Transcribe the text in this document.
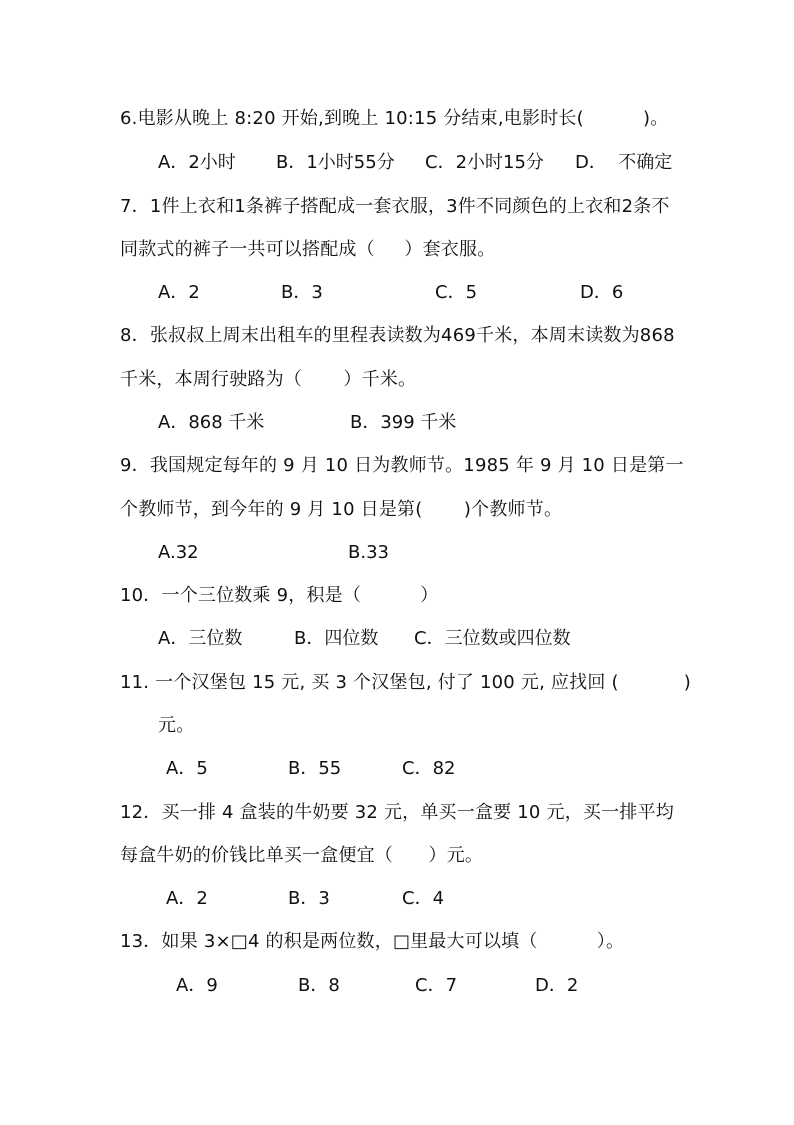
6.电影从晚上 8:20 开始,到晚上 10:15 分结束,电影时长(          )。
A．2小时 B．1小时55分 C．2小时15分 D．  不确定
7．1件上衣和1条裤子搭配成一套衣服，3件不同颜色的上衣和2条不
同款式的裤子一共可以搭配成（     ）套衣服。
A．2	B．3	C．5	D．6
8．张叔叔上周末出租车的里程表读数为469千米，本周末读数为868
千米，本周行驶路为（       ）千米。
A．868 千米	B．399 千米
9．我国规定每年的 9 月 10 日为教师节。1985 年 9 月 10 日是第一
个教师节，到今年的 9 月 10 日是第(       )个教师节。
A.32	B.33
10．一个三位数乘 9，积是（          ）
A．三位数	B．四位数 C．三位数或四位数
11. 一个汉堡包 15 元, 买 3 个汉堡包, 付了 100 元, 应找回 (           )
元。
A．5	B．55	C．82
12．买一排 4 盒装的牛奶要 32 元，单买一盒要 10 元，买一排平均
每盒牛奶的价钱比单买一盒便宜（      ）元。
A．2	B．3	C．4
13．如果 3×□4 的积是两位数，□里最大可以填（          ）。
A．9	B．8	C．7	D．2
